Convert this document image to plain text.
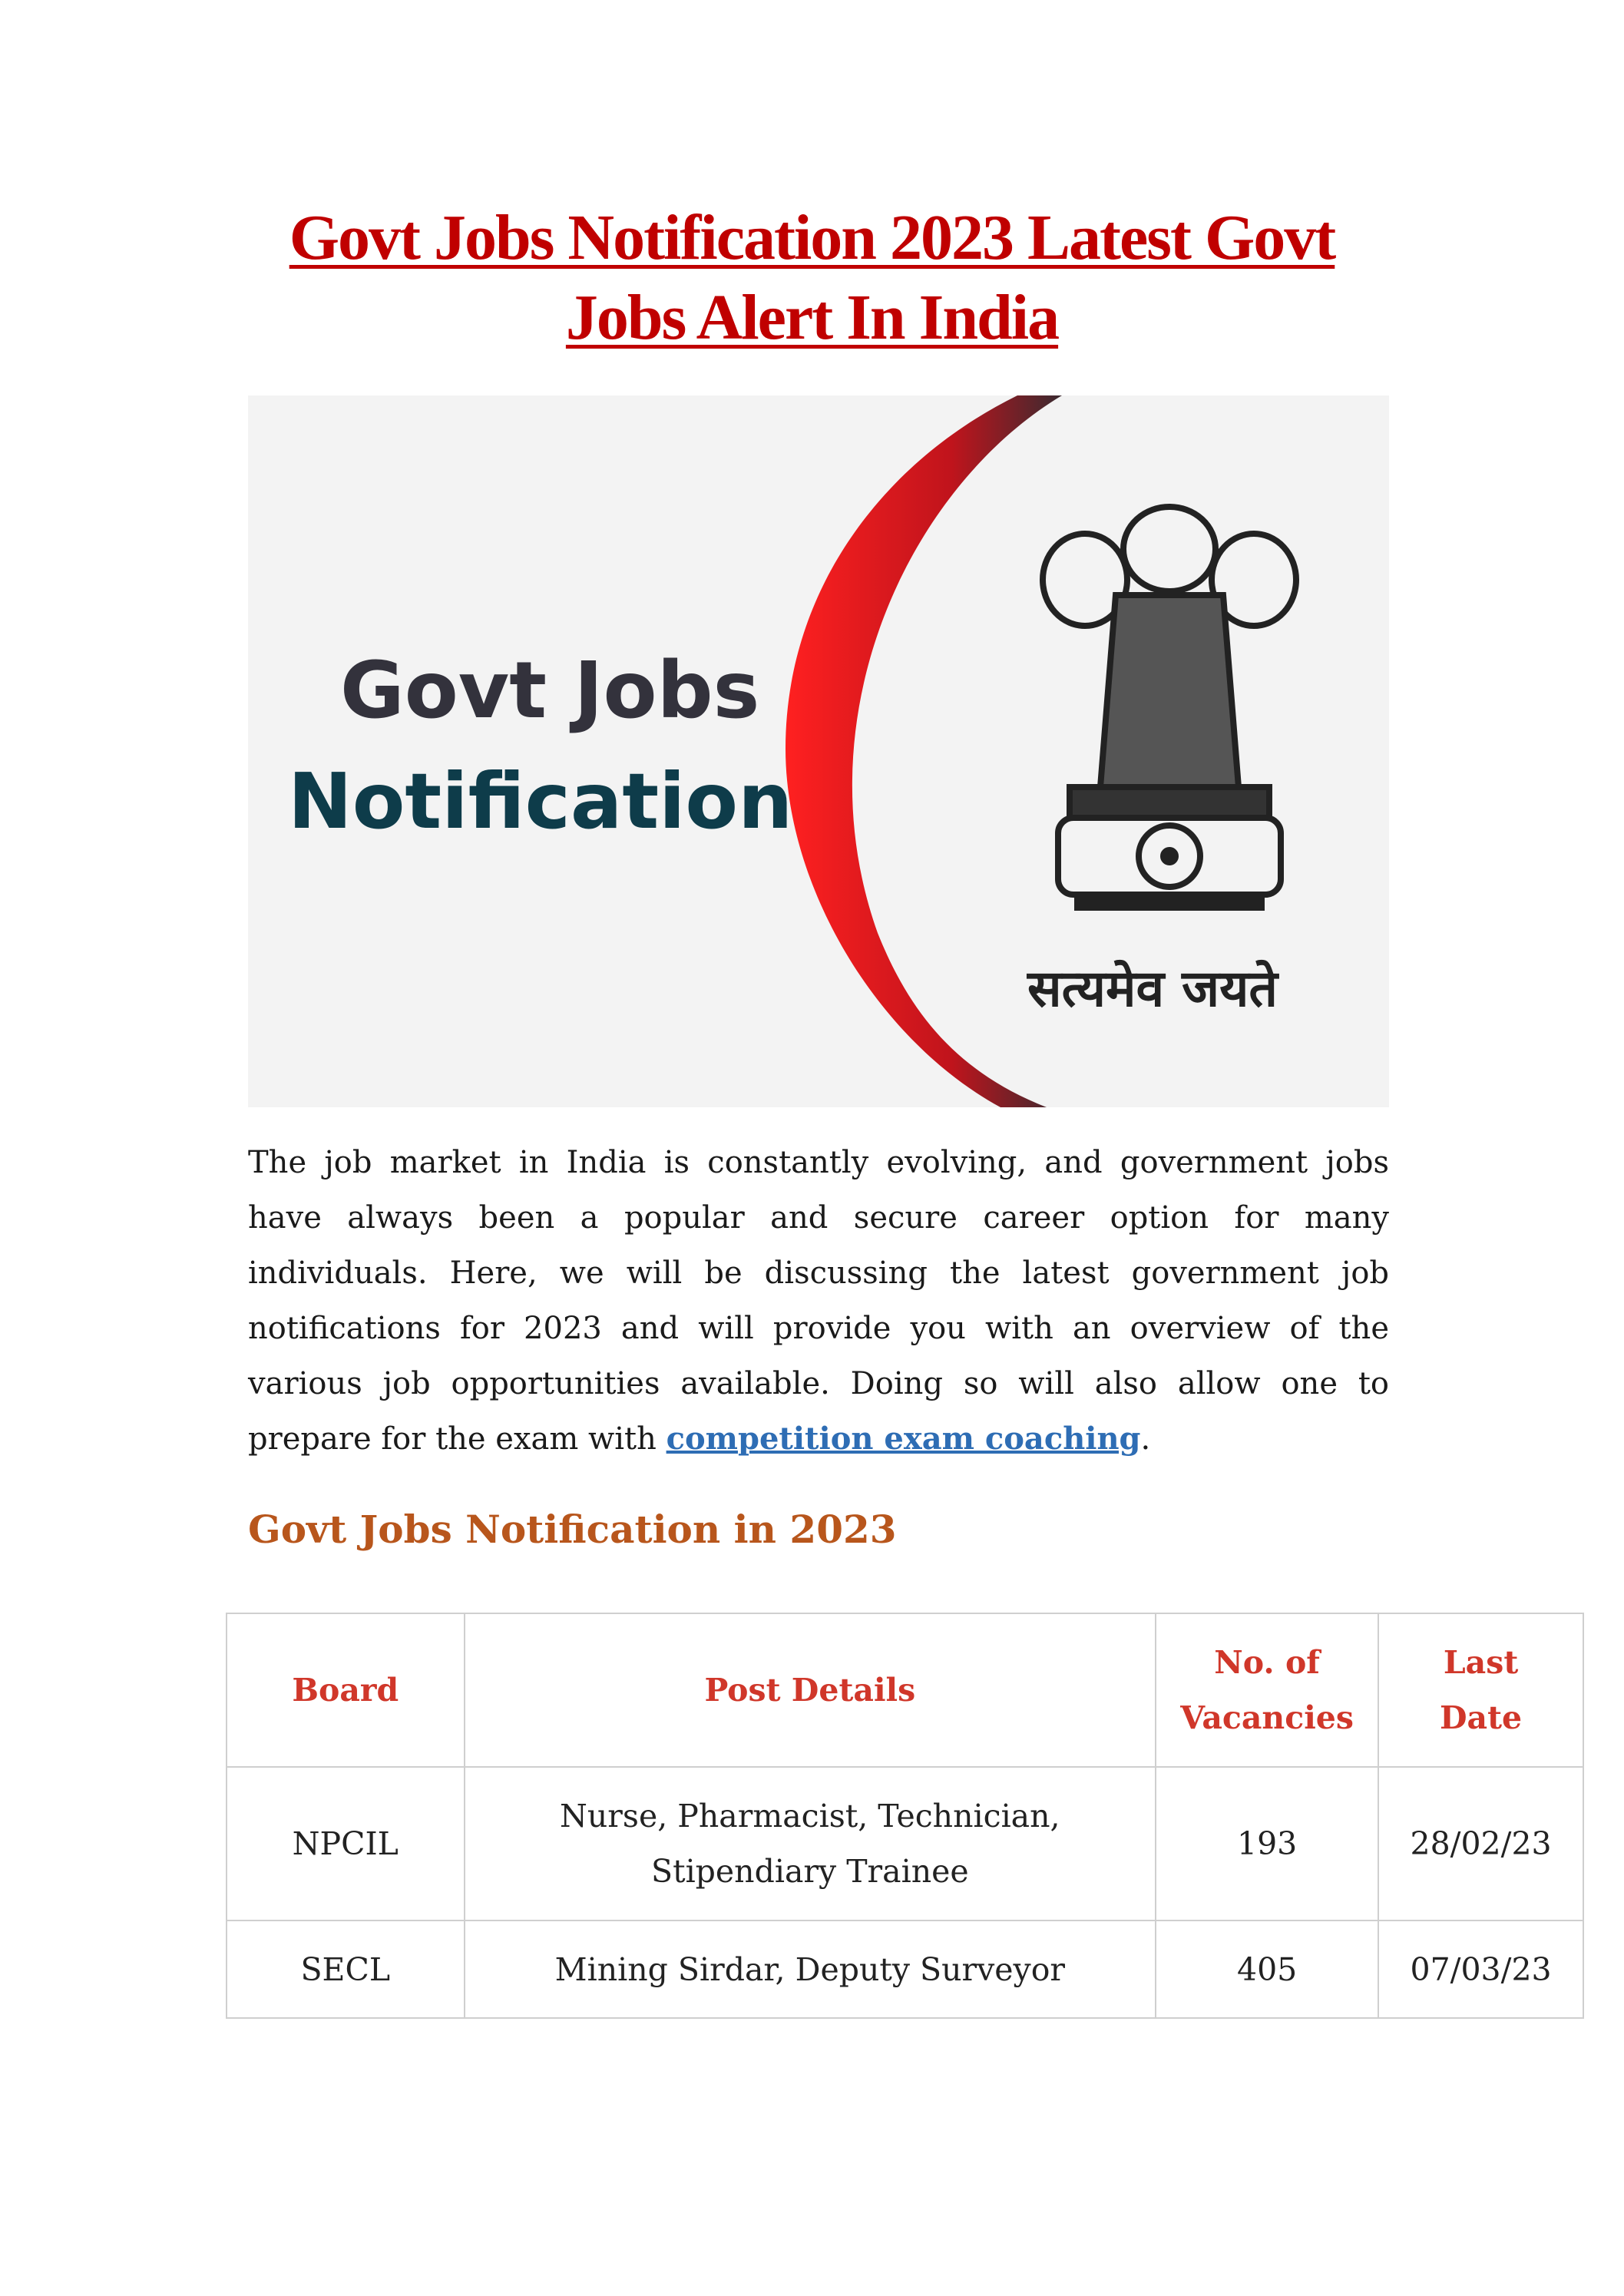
Govt Jobs Notification 2023 Latest Govt Jobs Alert In India
Govt Jobs
Notification
सत्यमेव जयते

The job market in India is constantly evolving, and government jobs have always been a popular and secure career option for many individuals. Here, we will be discussing the latest government job notifications for 2023 and will provide you with an overview of the various job opportunities available. Doing so will also allow one to prepare for the exam with competition exam coaching.

Govt Jobs Notification in 2023
Board	Post Details	No. of Vacancies	Last Date
NPCIL	Nurse, Pharmacist, Technician, Stipendiary Trainee	193	28/02/23
SECL	Mining Sirdar, Deputy Surveyor	405	07/03/23
